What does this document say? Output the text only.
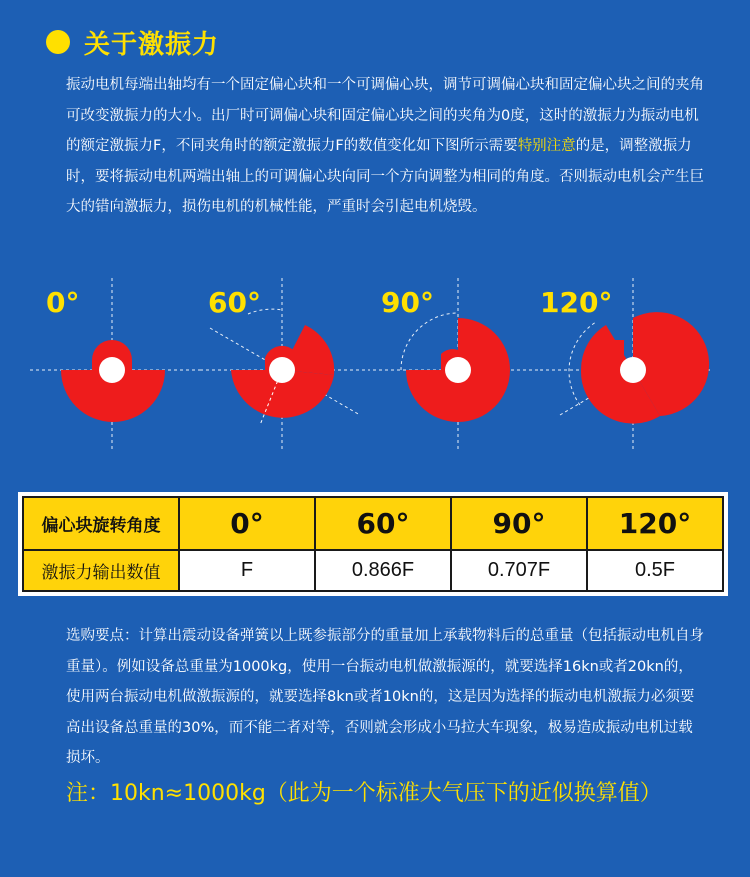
关于激振力

振动电机每端出轴均有一个固定偏心块和一个可调偏心块，调节可调偏心块和固定偏心块之间的夹角可改变激振力的大小。出厂时可调偏心块和固定偏心块之间的夹角为0度，这时的激振力为振动电机的额定激振力F，不同夹角时的额定激振力F的数值变化如下图所示需要特别注意的是，调整激振力时，要将振动电机两端出轴上的可调偏心块向同一个方向调整为相同的角度。否则振动电机会产生巨大的错向激振力，损伤电机的机械性能，严重时会引起电机烧毁。

0°	60°	90°	120°
偏心块旋转角度	0°	60°	90°	120°
激振力输出数值	F	0.866F	0.707F	0.5F

选购要点：计算出震动设备弹簧以上既参振部分的重量加上承载物料后的总重量（包括振动电机自身重量）。例如设备总重量为1000kg，使用一台振动电机做激振源的，就要选择16kn或者20kn的，使用两台振动电机做激振源的，就要选择8kn或者10kn的，这是因为选择的振动电机激振力必须要高出设备总重量的30%，而不能二者对等，否则就会形成小马拉大车现象，极易造成振动电机过载损坏。

注：10kn≈1000kg（此为一个标准大气压下的近似换算值）
